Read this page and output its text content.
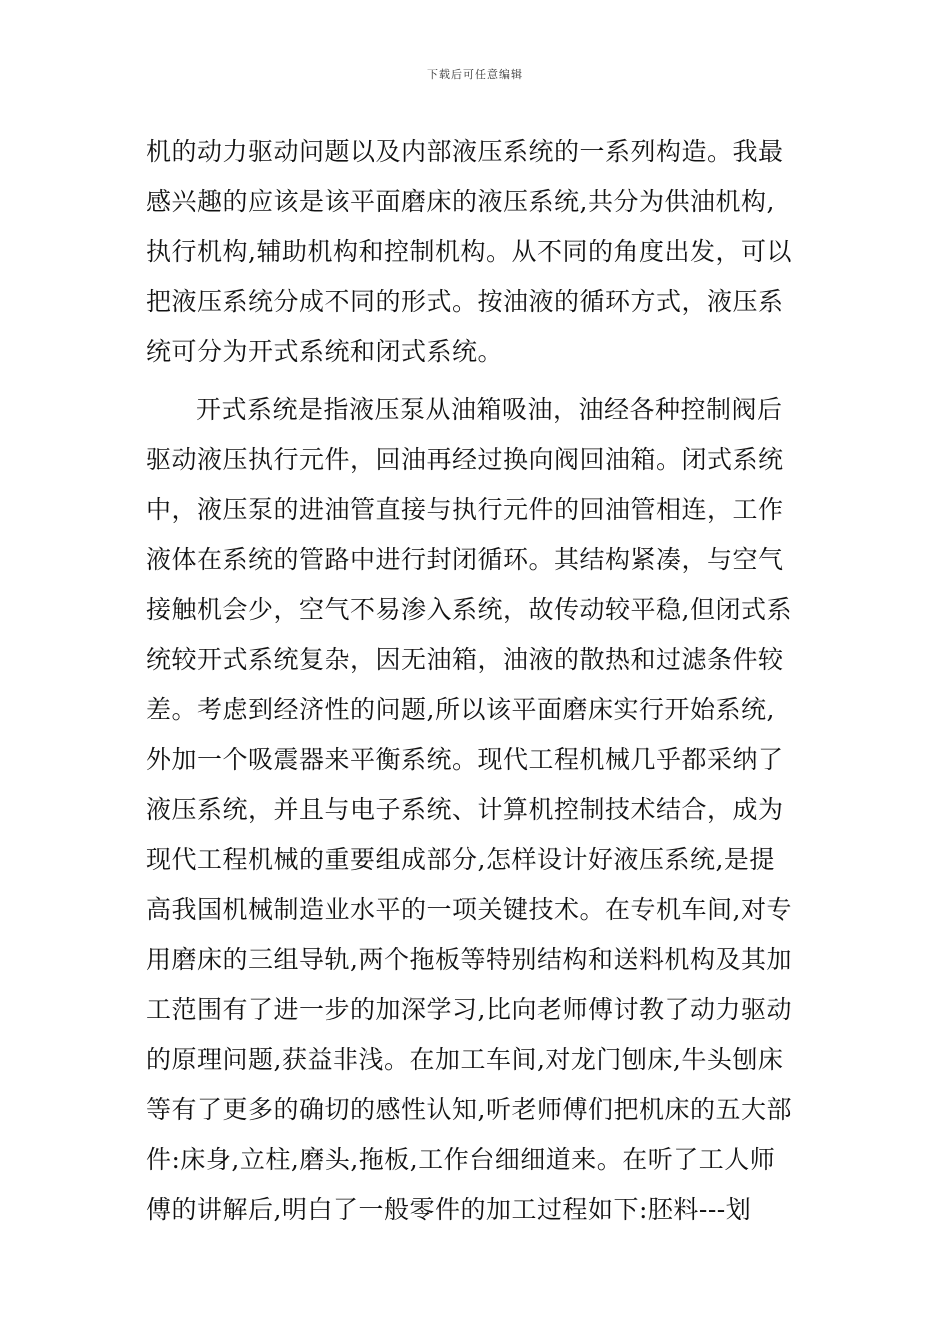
下载后可任意编辑
机的动力驱动问题以及内部液压系统的一系列构造。我最
感兴趣的应该是该平面磨床的液压系统,共分为供油机构,
执行机构,辅助机构和控制机构。从不同的角度出发，可以
把液压系统分成不同的形式。按油液的循环方式，液压系
统可分为开式系统和闭式系统。
开式系统是指液压泵从油箱吸油，油经各种控制阀后
驱动液压执行元件，回油再经过换向阀回油箱。闭式系统
中，液压泵的进油管直接与执行元件的回油管相连，工作
液体在系统的管路中进行封闭循环。其结构紧凑，与空气
接触机会少，空气不易渗入系统，故传动较平稳,但闭式系
统较开式系统复杂，因无油箱，油液的散热和过滤条件较
差。考虑到经济性的问题,所以该平面磨床实行开始系统,
外加一个吸震器来平衡系统。现代工程机械几乎都采纳了
液压系统，并且与电子系统、计算机控制技术结合，成为
现代工程机械的重要组成部分,怎样设计好液压系统,是提
高我国机械制造业水平的一项关键技术。在专机车间,对专
用磨床的三组导轨,两个拖板等特别结构和送料机构及其加
工范围有了进一步的加深学习,比向老师傅讨教了动力驱动
的原理问题,获益非浅。在加工车间,对龙门刨床,牛头刨床
等有了更多的确切的感性认知,听老师傅们把机床的五大部
件:床身,立柱,磨头,拖板,工作台细细道来。在听了工人师
傅的讲解后,明白了一般零件的加工过程如下:胚料---划
